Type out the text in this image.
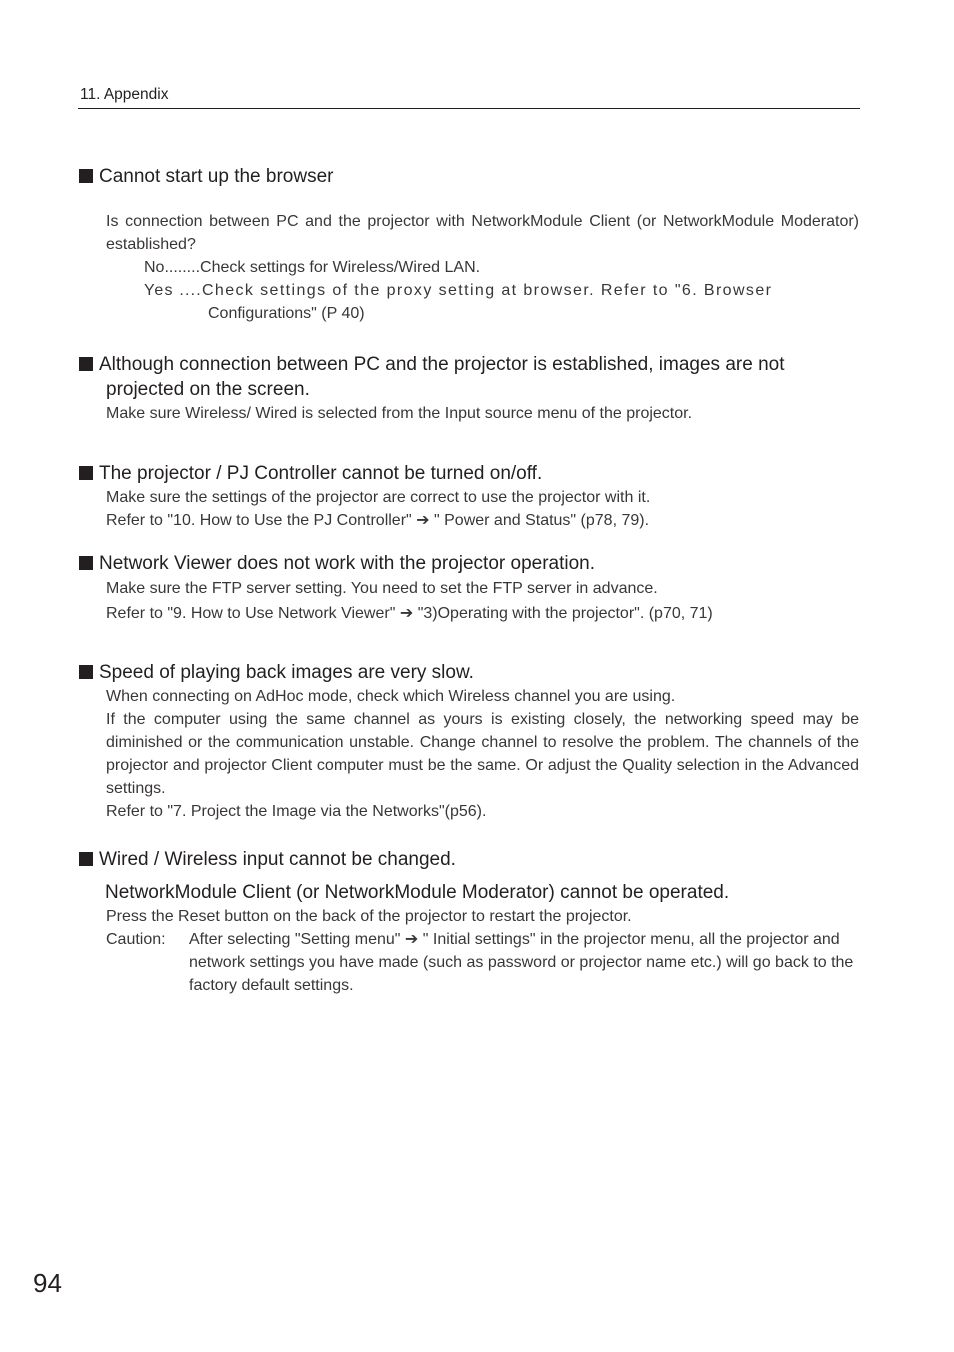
11. Appendix
Cannot start up the browser

Is connection between PC and the projector with NetworkModule Client (or NetworkModule Moderator) established?

No........Check settings for Wireless/Wired LAN.

Yes .... Check settings of the proxy setting at browser. Refer to "6. Browser

Configurations" (P 40)

Although connection between PC and the projector is established, images are not projected on the screen.

Make sure Wireless/ Wired is selected from the Input source menu of the projector.

The projector / PJ Controller cannot be turned on/off.

Make sure the settings of the projector are correct to use the projector with it.

Refer to "10. How to Use the PJ Controller" ➔ " Power and Status" (p78, 79).

Network Viewer does not work with the projector operation.

Make sure the FTP server setting. You need to set the FTP server in advance.

Refer to "9. How to Use Network Viewer" ➔ "3)Operating with the projector". (p70, 71)

Speed of playing back images are very slow.

When connecting on AdHoc mode, check which Wireless channel you are using.

If the computer using the same channel as yours is existing closely, the networking speed may be diminished or the communication unstable. Change channel to resolve the problem. The channels of the projector and projector Client computer must be the same. Or adjust the Quality selection in the Advanced settings.

Refer to "7. Project the Image via the Networks"(p56).

Wired / Wireless input cannot be changed.
NetworkModule Client (or NetworkModule Moderator) cannot be operated.

Press the Reset button on the back of the projector to restart the projector.

Caution:	After selecting "Setting menu" ➔ " Initial settings" in the projector menu, all the projector and network settings you have made (such as password or projector name etc.) will go back to the factory default settings.
94
